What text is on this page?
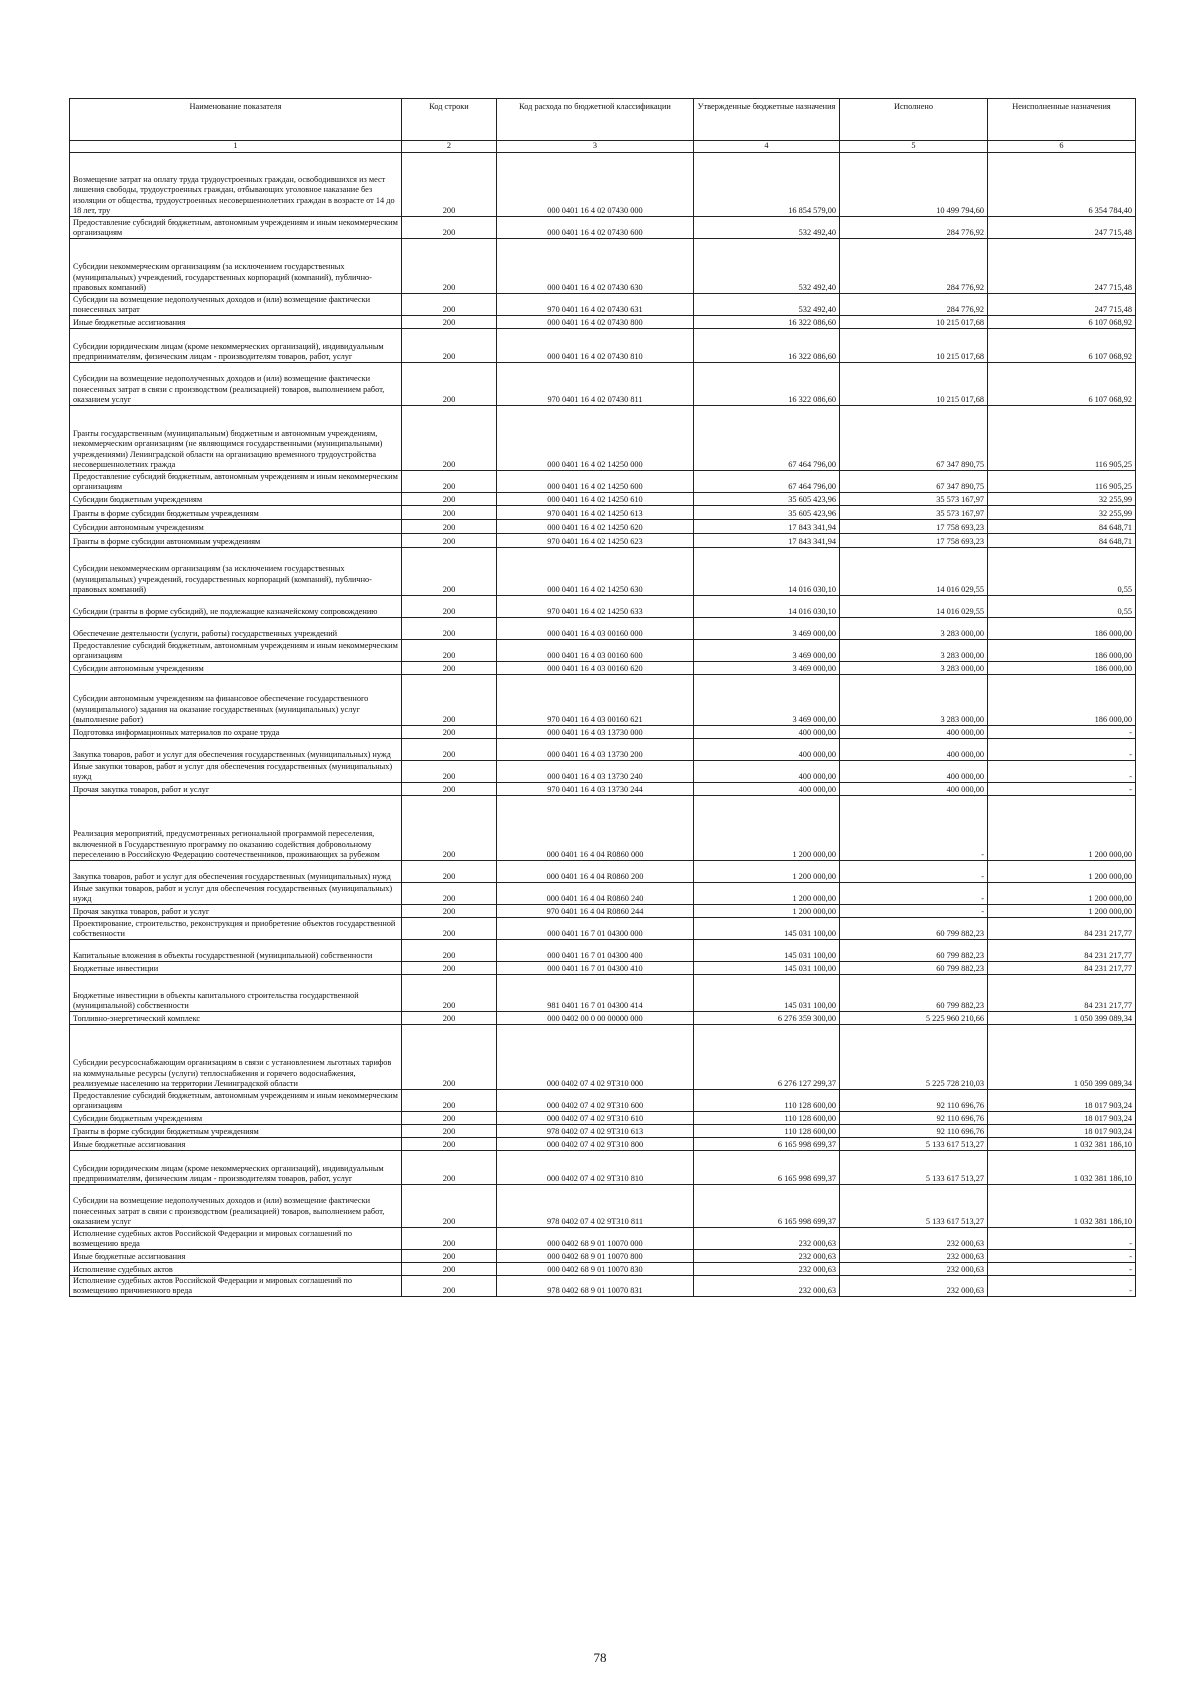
Наименование показателя	Код строки	Код расхода по бюджетной классификации	Утвержденные бюджетные назначения	Исполнено	Неисполненные назначения
1	2	3	4	5	6
Возмещение затрат на оплату труда трудоустроенных граждан, освободившихся из мест лишения свободы, трудоустроенных граждан, отбывающих уголовное наказание без изоляции от общества, трудоустроенных несовершеннолетних граждан в возрасте от 14 до 18 лет, тру	200	000 0401 16 4 02 07430 000	16 854 579,00	10 499 794,60	6 354 784,40
Предоставление субсидий бюджетным, автономным учреждениям и иным некоммерческим организациям	200	000 0401 16 4 02 07430 600	532 492,40	284 776,92	247 715,48
Субсидии некоммерческим организациям (за исключением государственных (муниципальных) учреждений, государственных корпораций (компаний), публично-правовых компаний)	200	000 0401 16 4 02 07430 630	532 492,40	284 776,92	247 715,48
Субсидии на возмещение недополученных доходов и (или) возмещение фактически понесенных затрат	200	970 0401 16 4 02 07430 631	532 492,40	284 776,92	247 715,48
Иные бюджетные ассигнования	200	000 0401 16 4 02 07430 800	16 322 086,60	10 215 017,68	6 107 068,92
Субсидии юридическим лицам (кроме некоммерческих организаций), индивидуальным предпринимателям, физическим лицам - производителям товаров, работ, услуг	200	000 0401 16 4 02 07430 810	16 322 086,60	10 215 017,68	6 107 068,92
Субсидии на возмещение недополученных доходов и (или) возмещение фактически понесенных затрат в связи с производством (реализацией) товаров, выполнением работ, оказанием услуг	200	970 0401 16 4 02 07430 811	16 322 086,60	10 215 017,68	6 107 068,92
Гранты государственным (муниципальным) бюджетным и автономным учреждениям, некоммерческим организациям (не являющимся государственными (муниципальными) учреждениями) Ленинградской области на организацию временного трудоустройства несовершеннолетних гражда	200	000 0401 16 4 02 14250 000	67 464 796,00	67 347 890,75	116 905,25
Предоставление субсидий бюджетным, автономным учреждениям и иным некоммерческим организациям	200	000 0401 16 4 02 14250 600	67 464 796,00	67 347 890,75	116 905,25
Субсидии бюджетным учреждениям	200	000 0401 16 4 02 14250 610	35 605 423,96	35 573 167,97	32 255,99
Гранты в форме субсидии бюджетным учреждениям	200	970 0401 16 4 02 14250 613	35 605 423,96	35 573 167,97	32 255,99
Субсидии автономным учреждениям	200	000 0401 16 4 02 14250 620	17 843 341,94	17 758 693,23	84 648,71
Гранты в форме субсидии автономным учреждениям	200	970 0401 16 4 02 14250 623	17 843 341,94	17 758 693,23	84 648,71
Субсидии некоммерческим организациям (за исключением государственных (муниципальных) учреждений, государственных корпораций (компаний), публично-правовых компаний)	200	000 0401 16 4 02 14250 630	14 016 030,10	14 016 029,55	0,55
Субсидии (гранты в форме субсидий), не подлежащие казначейскому сопровождению	200	970 0401 16 4 02 14250 633	14 016 030,10	14 016 029,55	0,55
Обеспечение деятельности (услуги, работы) государственных учреждений	200	000 0401 16 4 03 00160 000	3 469 000,00	3 283 000,00	186 000,00
Предоставление субсидий бюджетным, автономным учреждениям и иным некоммерческим организациям	200	000 0401 16 4 03 00160 600	3 469 000,00	3 283 000,00	186 000,00
Субсидии автономным учреждениям	200	000 0401 16 4 03 00160 620	3 469 000,00	3 283 000,00	186 000,00
Субсидии автономным учреждениям на финансовое обеспечение государственного (муниципального) задания на оказание государственных (муниципальных) услуг (выполнение работ)	200	970 0401 16 4 03 00160 621	3 469 000,00	3 283 000,00	186 000,00
Подготовка информационных материалов по охране труда	200	000 0401 16 4 03 13730 000	400 000,00	400 000,00	-
Закупка товаров, работ и услуг для обеспечения государственных (муниципальных) нужд	200	000 0401 16 4 03 13730 200	400 000,00	400 000,00	-
Иные закупки товаров, работ и услуг для обеспечения государственных (муниципальных) нужд	200	000 0401 16 4 03 13730 240	400 000,00	400 000,00	-
Прочая закупка товаров, работ и услуг	200	970 0401 16 4 03 13730 244	400 000,00	400 000,00	-
Реализация мероприятий, предусмотренных региональной программой переселения, включенной в Государственную программу по оказанию содействия добровольному переселению в Российскую Федерацию соотечественников, проживающих за рубежом	200	000 0401 16 4 04 R0860 000	1 200 000,00	-	1 200 000,00
Закупка товаров, работ и услуг для обеспечения государственных (муниципальных) нужд	200	000 0401 16 4 04 R0860 200	1 200 000,00	-	1 200 000,00
Иные закупки товаров, работ и услуг для обеспечения государственных (муниципальных) нужд	200	000 0401 16 4 04 R0860 240	1 200 000,00	-	1 200 000,00
Прочая закупка товаров, работ и услуг	200	970 0401 16 4 04 R0860 244	1 200 000,00	-	1 200 000,00
Проектирование, строительство, реконструкция и приобретение объектов государственной собственности	200	000 0401 16 7 01 04300 000	145 031 100,00	60 799 882,23	84 231 217,77
Капитальные вложения в объекты государственной (муниципальной) собственности	200	000 0401 16 7 01 04300 400	145 031 100,00	60 799 882,23	84 231 217,77
Бюджетные инвестиции	200	000 0401 16 7 01 04300 410	145 031 100,00	60 799 882,23	84 231 217,77
Бюджетные инвестиции в объекты капитального строительства государственной (муниципальной) собственности	200	981 0401 16 7 01 04300 414	145 031 100,00	60 799 882,23	84 231 217,77
Топливно-энергетический комплекс	200	000 0402 00 0 00 00000 000	6 276 359 300,00	5 225 960 210,66	1 050 399 089,34
Субсидии ресурсоснабжающим организациям в связи с установлением льготных тарифов на коммунальные ресурсы (услуги) теплоснабжения и горячего водоснабжения, реализуемые населению на территории Ленинградской области	200	000 0402 07 4 02 9Т310 000	6 276 127 299,37	5 225 728 210,03	1 050 399 089,34
Предоставление субсидий бюджетным, автономным учреждениям и иным некоммерческим организациям	200	000 0402 07 4 02 9Т310 600	110 128 600,00	92 110 696,76	18 017 903,24
Субсидии бюджетным учреждениям	200	000 0402 07 4 02 9Т310 610	110 128 600,00	92 110 696,76	18 017 903,24
Гранты в форме субсидии бюджетным учреждениям	200	978 0402 07 4 02 9Т310 613	110 128 600,00	92 110 696,76	18 017 903,24
Иные бюджетные ассигнования	200	000 0402 07 4 02 9Т310 800	6 165 998 699,37	5 133 617 513,27	1 032 381 186,10
Субсидии юридическим лицам (кроме некоммерческих организаций), индивидуальным предпринимателям, физическим лицам - производителям товаров, работ, услуг	200	000 0402 07 4 02 9Т310 810	6 165 998 699,37	5 133 617 513,27	1 032 381 186,10
Субсидии на возмещение недополученных доходов и (или) возмещение фактически понесенных затрат в связи с производством (реализацией) товаров, выполнением работ, оказанием услуг	200	978 0402 07 4 02 9Т310 811	6 165 998 699,37	5 133 617 513,27	1 032 381 186,10
Исполнение судебных актов Российской Федерации и мировых соглашений по возмещению вреда	200	000 0402 68 9 01 10070 000	232 000,63	232 000,63	-
Иные бюджетные ассигнования	200	000 0402 68 9 01 10070 800	232 000,63	232 000,63	-
Исполнение судебных актов	200	000 0402 68 9 01 10070 830	232 000,63	232 000,63	-
Исполнение судебных актов Российской Федерации и мировых соглашений по возмещению причиненного вреда	200	978 0402 68 9 01 10070 831	232 000,63	232 000,63	-
78
